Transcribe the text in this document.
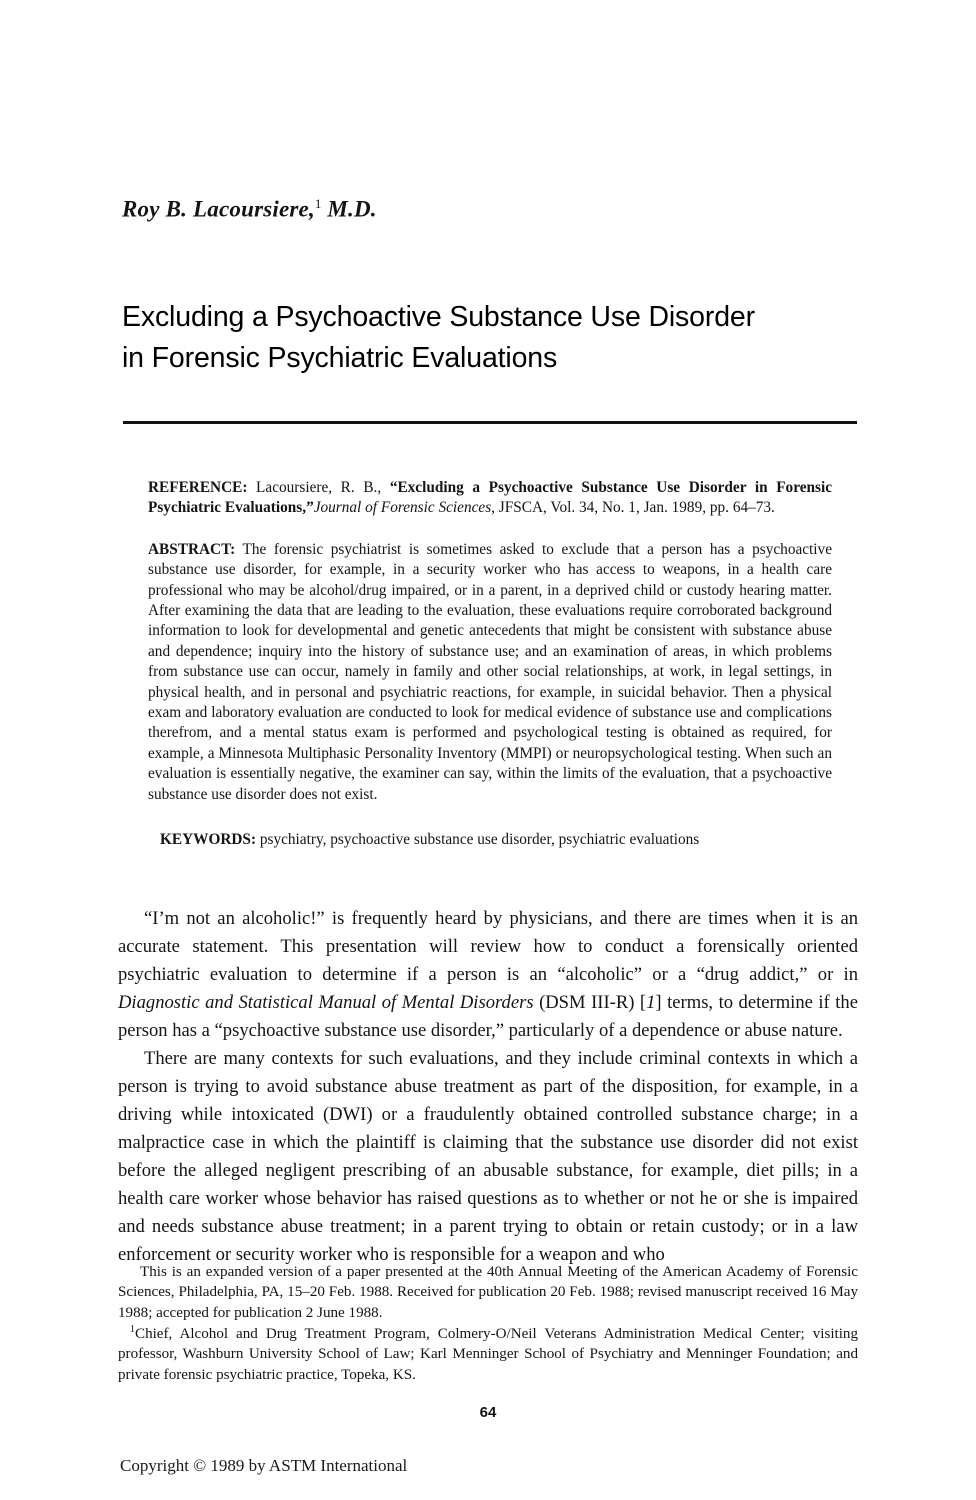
Roy B. Lacoursiere,$^1$ M.D.
Excluding a Psychoactive Substance Use Disorder
in Forensic Psychiatric Evaluations

REFERENCE: Lacoursiere, R. B., “Excluding a Psychoactive Substance Use Disorder in Forensic Psychiatric Evaluations,”Journal of Forensic Sciences, JFSCA, Vol. 34, No. 1, Jan. 1989, pp. 64–73.

ABSTRACT: The forensic psychiatrist is sometimes asked to exclude that a person has a psychoactive substance use disorder, for example, in a security worker who has access to weapons, in a health care professional who may be alcohol/drug impaired, or in a parent, in a deprived child or custody hearing matter. After examining the data that are leading to the evaluation, these evaluations require corroborated background information to look for developmental and genetic antecedents that might be consistent with substance abuse and dependence; inquiry into the history of substance use; and an examination of areas, in which problems from substance use can occur, namely in family and other social relationships, at work, in legal settings, in physical health, and in personal and psychiatric reactions, for example, in suicidal behavior. Then a physical exam and laboratory evaluation are conducted to look for medical evidence of substance use and complications therefrom, and a mental status exam is performed and psychological testing is obtained as required, for example, a Minnesota Multiphasic Personality Inventory (MMPI) or neuropsychological testing. When such an evaluation is essentially negative, the examiner can say, within the limits of the evaluation, that a psychoactive substance use disorder does not exist.

KEYWORDS: psychiatry, psychoactive substance use disorder, psychiatric evaluations

“I’m not an alcoholic!” is frequently heard by physicians, and there are times when it is an accurate statement. This presentation will review how to conduct a forensically oriented psychiatric evaluation to determine if a person is an “alcoholic” or a “drug addict,” or in Diagnostic and Statistical Manual of Mental Disorders (DSM III-R) [1] terms, to determine if the person has a “psychoactive substance use disorder,” particularly of a dependence or abuse nature.

There are many contexts for such evaluations, and they include criminal contexts in which a person is trying to avoid substance abuse treatment as part of the disposition, for example, in a driving while intoxicated (DWI) or a fraudulently obtained controlled substance charge; in a malpractice case in which the plaintiff is claiming that the substance use disorder did not exist before the alleged negligent prescribing of an abusable substance, for example, diet pills; in a health care worker whose behavior has raised questions as to whether or not he or she is impaired and needs substance abuse treatment; in a parent trying to obtain or retain custody; or in a law enforcement or security worker who is responsible for a weapon and who

This is an expanded version of a paper presented at the 40th Annual Meeting of the American Academy of Forensic Sciences, Philadelphia, PA, 15–20 Feb. 1988. Received for publication 20 Feb. 1988; revised manuscript received 16 May 1988; accepted for publication 2 June 1988.

$^1$Chief, Alcohol and Drug Treatment Program, Colmery-O/Neil Veterans Administration Medical Center; visiting professor, Washburn University School of Law; Karl Menninger School of Psychiatry and Menninger Foundation; and private forensic psychiatric practice, Topeka, KS.

64
Copyright © 1989 by ASTM International
